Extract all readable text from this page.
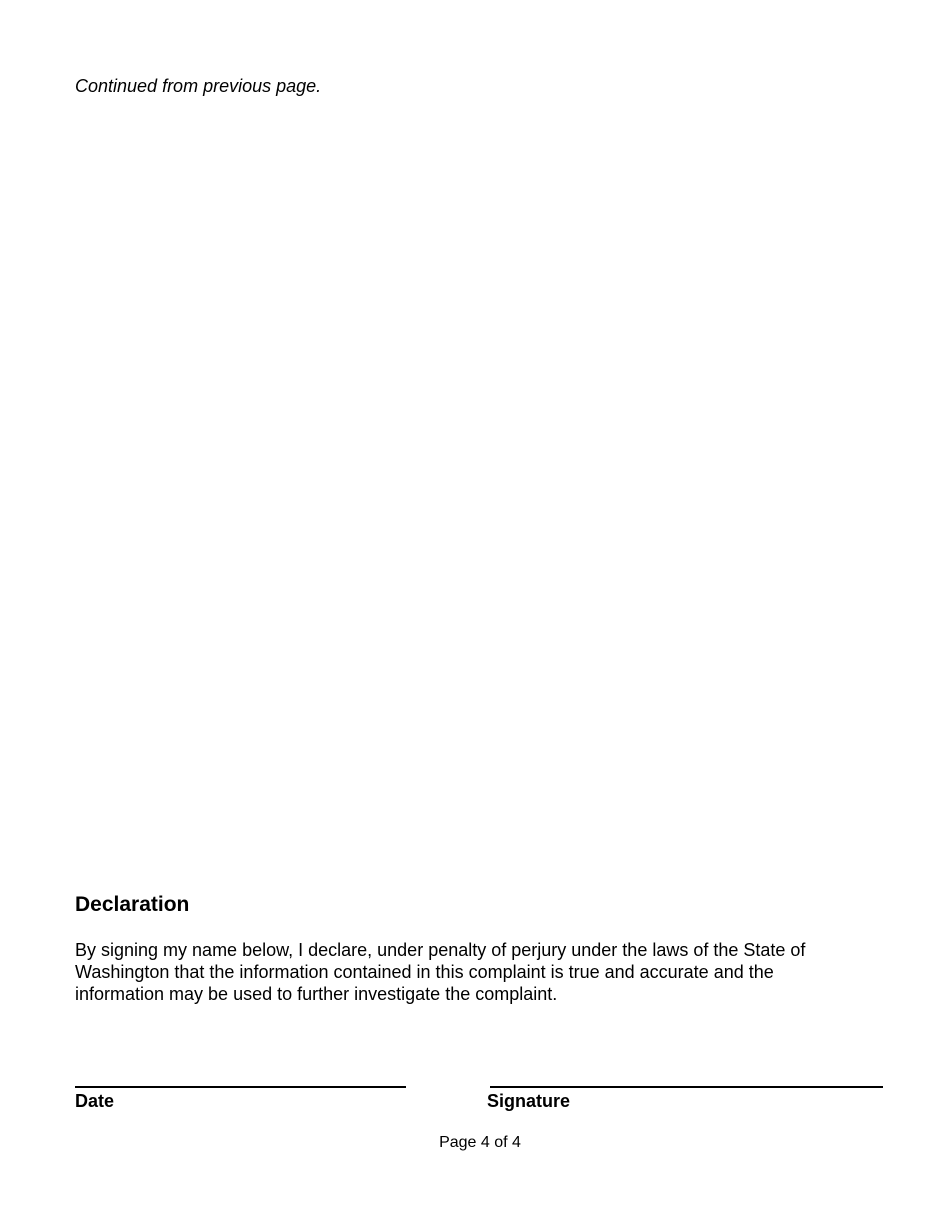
Continued from previous page.

Declaration

By signing my name below, I declare, under penalty of perjury under the laws of the State of Washington that the information contained in this complaint is true and accurate and the information may be used to further investigate the complaint.

Date	Signature

Page 4 of 4
